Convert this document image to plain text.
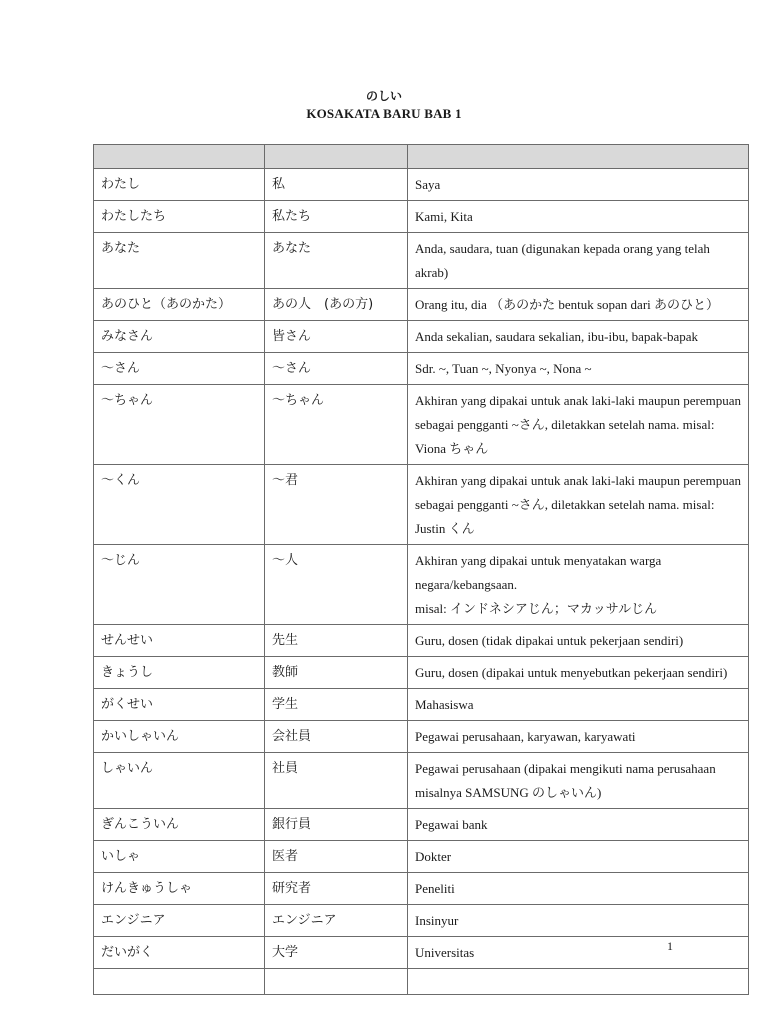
のしい
KOSAKATA BARU BAB 1

わたし	私	Saya
わたしたち	私たち	Kami, Kita
あなた	あなた	Anda, saudara, tuan (digunakan kepada orang yang telah akrab)
あのひと（あのかた）	あの人　(あの方)	Orang itu, dia （あのかた bentuk sopan dari あのひと）
みなさん	皆さん	Anda sekalian, saudara sekalian, ibu-ibu, bapak-bapak
～さん	～さん	Sdr. ~, Tuan ~, Nyonya ~, Nona ~
～ちゃん	～ちゃん	Akhiran yang dipakai untuk anak laki-laki maupun perempuan sebagai pengganti ~さん, diletakkan setelah nama. misal: Viona ちゃん
～くん	～君	Akhiran yang dipakai untuk anak laki-laki maupun perempuan sebagai pengganti ~さん, diletakkan setelah nama. misal: Justin くん
～じん	～人	Akhiran yang dipakai untuk menyatakan warga negara/kebangsaan.
misal: インドネシアじん；マカッサルじん

せんせい	先生	Guru, dosen (tidak dipakai untuk pekerjaan sendiri)
きょうし	教師	Guru, dosen (dipakai untuk menyebutkan pekerjaan sendiri)
がくせい	学生	Mahasiswa
かいしゃいん	会社員	Pegawai perusahaan, karyawan, karyawati
しゃいん	社員	Pegawai perusahaan (dipakai mengikuti nama perusahaan misalnya SAMSUNG のしゃいん)
ぎんこういん	銀行員	Pegawai bank
いしゃ	医者	Dokter
けんきゅうしゃ	研究者	Peneliti
エンジニア	エンジニア	Insinyur
だいがく	大学	Universitas
			1
